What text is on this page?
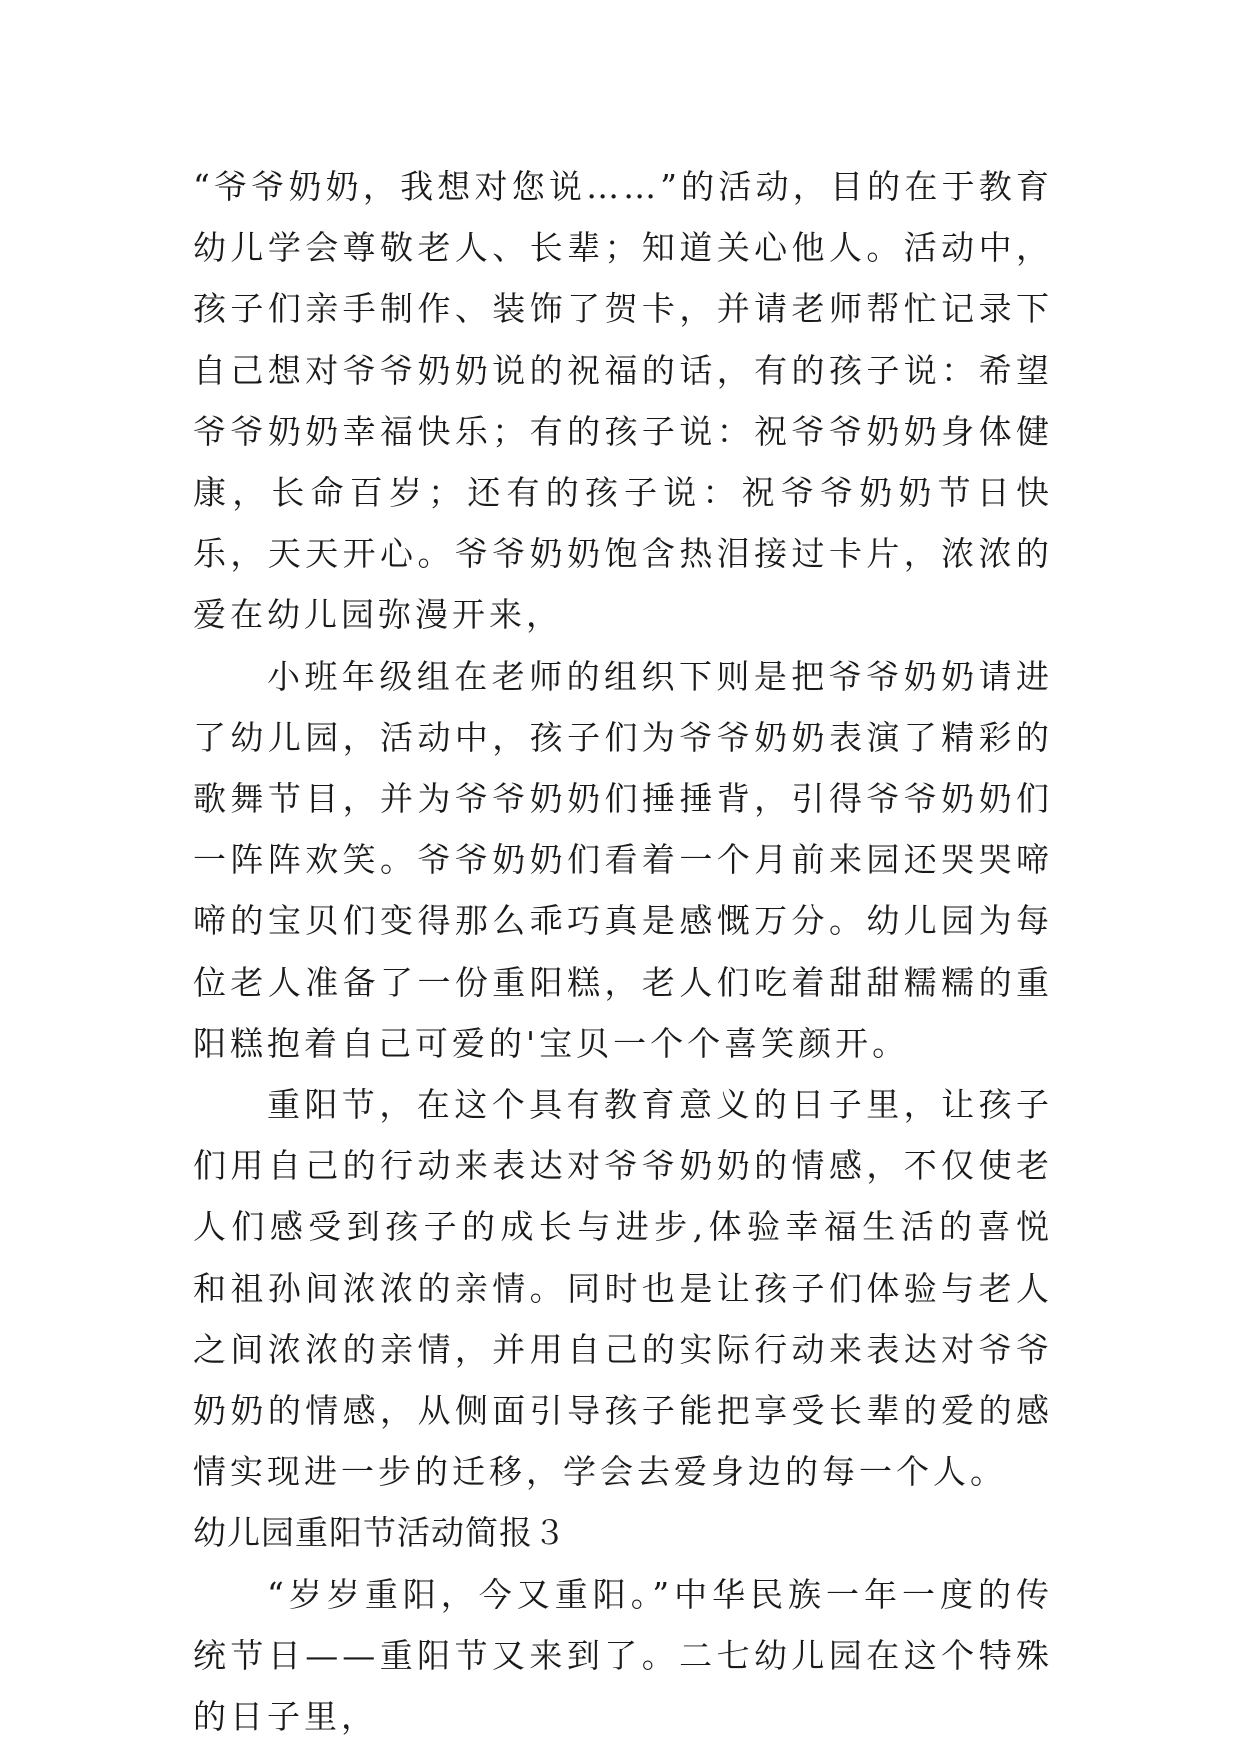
“爷爷奶奶，我想对您说……”的活动，目的在于教育幼儿学会尊敬老人、长辈；知道关心他人。活动中，孩子们亲手制作、装饰了贺卡，并请老师帮忙记录下自己想对爷爷奶奶说的祝福的话，有的孩子说：希望爷爷奶奶幸福快乐；有的孩子说：祝爷爷奶奶身体健康，长命百岁；还有的孩子说：祝爷爷奶奶节日快乐，天天开心。爷爷奶奶饱含热泪接过卡片，浓浓的爱在幼儿园弥漫开来，

小班年级组在老师的组织下则是把爷爷奶奶请进了幼儿园，活动中，孩子们为爷爷奶奶表演了精彩的歌舞节目，并为爷爷奶奶们捶捶背，引得爷爷奶奶们一阵阵欢笑。爷爷奶奶们看着一个月前来园还哭哭啼啼的宝贝们变得那么乖巧真是感慨万分。幼儿园为每位老人准备了一份重阳糕，老人们吃着甜甜糯糯的重阳糕抱着自己可爱的'宝贝一个个喜笑颜开。

重阳节，在这个具有教育意义的日子里，让孩子们用自己的行动来表达对爷爷奶奶的情感，不仅使老人们感受到孩子的成长与进步,体验幸福生活的喜悦和祖孙间浓浓的亲情。同时也是让孩子们体验与老人之间浓浓的亲情，并用自己的实际行动来表达对爷爷奶奶的情感，从侧面引导孩子能把享受长辈的爱的感情实现进一步的迁移，学会去爱身边的每一个人。

幼儿园重阳节活动简报３

“岁岁重阳，今又重阳。”中华民族一年一度的传统节日——重阳节又来到了。二七幼儿园在这个特殊的日子里，
